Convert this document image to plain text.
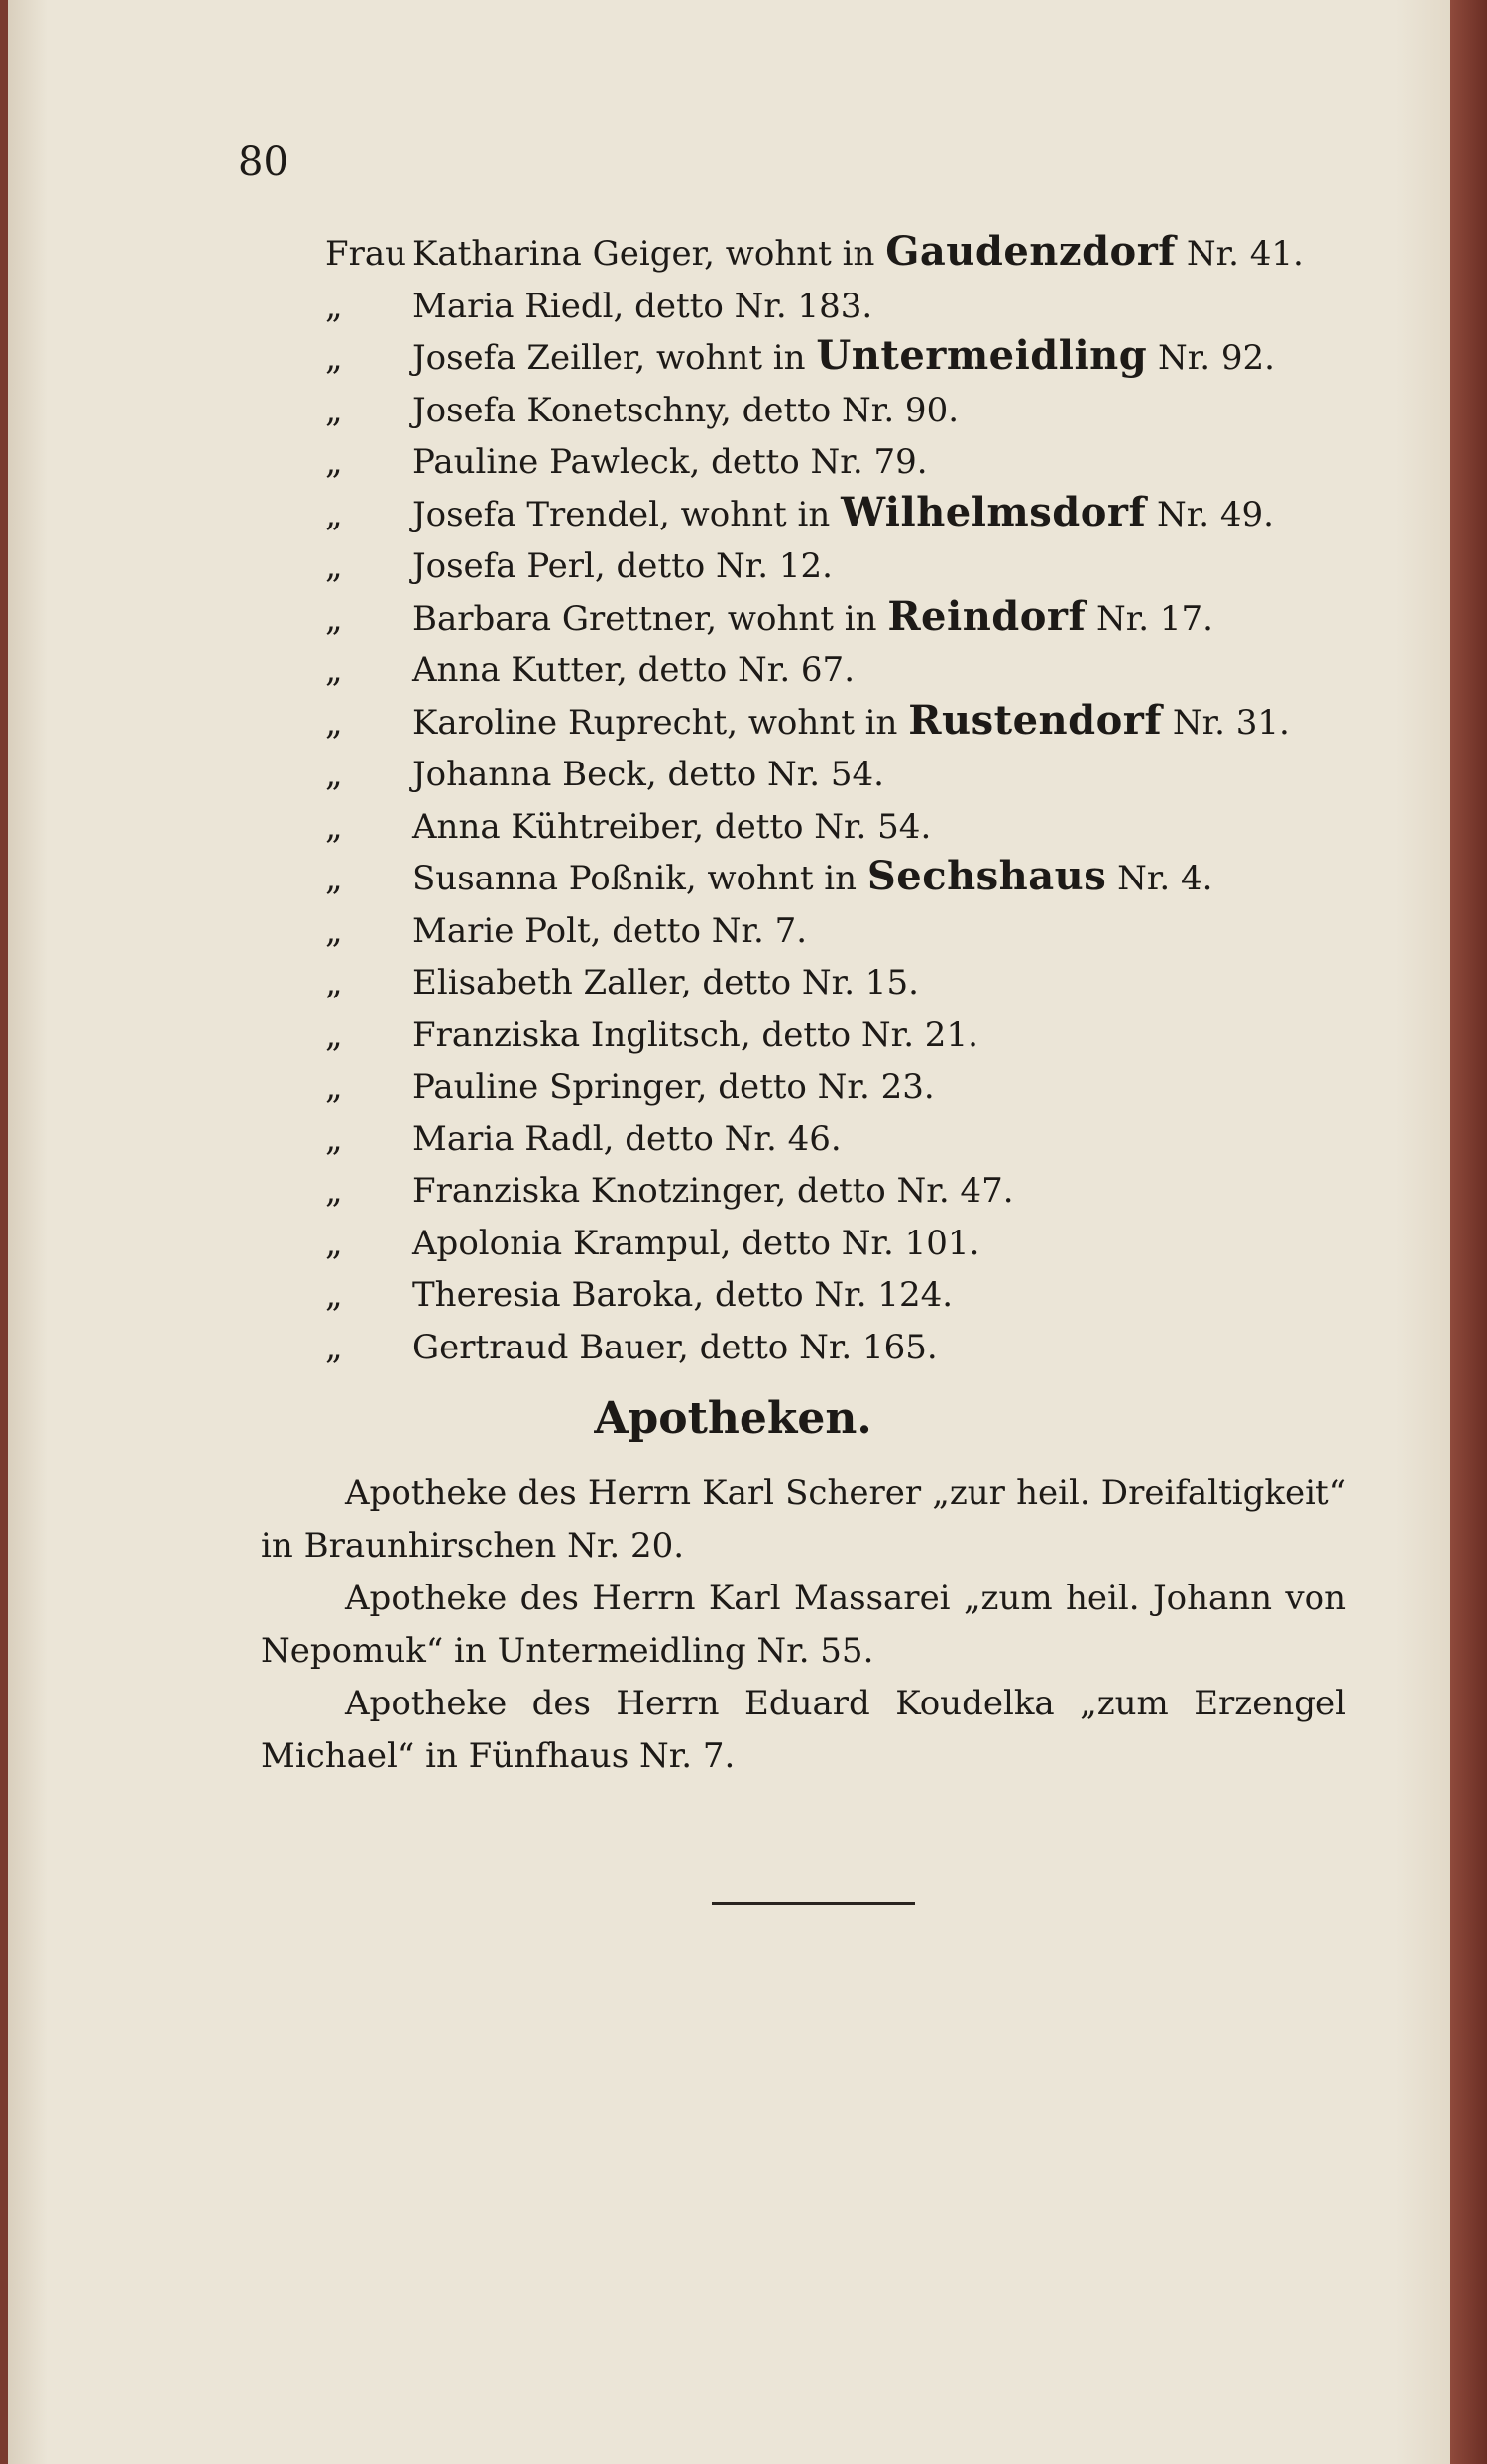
80
Frau Katharina Geiger, wohnt in Gaudenzdorf Nr. 41.
„ Maria Riedl, detto Nr. 183.
„ Josefa Zeiller, wohnt in Untermeidling Nr. 92.
„ Josefa Konetschny, detto Nr. 90.
„ Pauline Pawleck, detto Nr. 79.
„ Josefa Trendel, wohnt in Wilhelmsdorf Nr. 49.
„ Josefa Perl, detto Nr. 12.
„ Barbara Grettner, wohnt in Reindorf Nr. 17.
„ Anna Kutter, detto Nr. 67.
„ Karoline Ruprecht, wohnt in Rustendorf Nr. 31.
„ Johanna Beck, detto Nr. 54.
„ Anna Kühtreiber, detto Nr. 54.
„ Susanna Poßnik, wohnt in Sechshaus Nr. 4.
„ Marie Polt, detto Nr. 7.
„ Elisabeth Zaller, detto Nr. 15.
„ Franziska Inglitsch, detto Nr. 21.
„ Pauline Springer, detto Nr. 23.
„ Maria Radl, detto Nr. 46.
„ Franziska Knotzinger, detto Nr. 47.
„ Apolonia Krampul, detto Nr. 101.
„ Theresia Baroka, detto Nr. 124.
„ Gertraud Bauer, detto Nr. 165.
Apotheken.
Apotheke des Herrn Karl Scherer „zur heil. Dreifaltigkeit“ in Braunhirschen Nr. 20.
Apotheke des Herrn Karl Massarei „zum heil. Johann von Nepomuk“ in Untermeidling Nr. 55.
Apotheke des Herrn Eduard Koudelka „zum Erzengel Michael“ in Fünfhaus Nr. 7.
